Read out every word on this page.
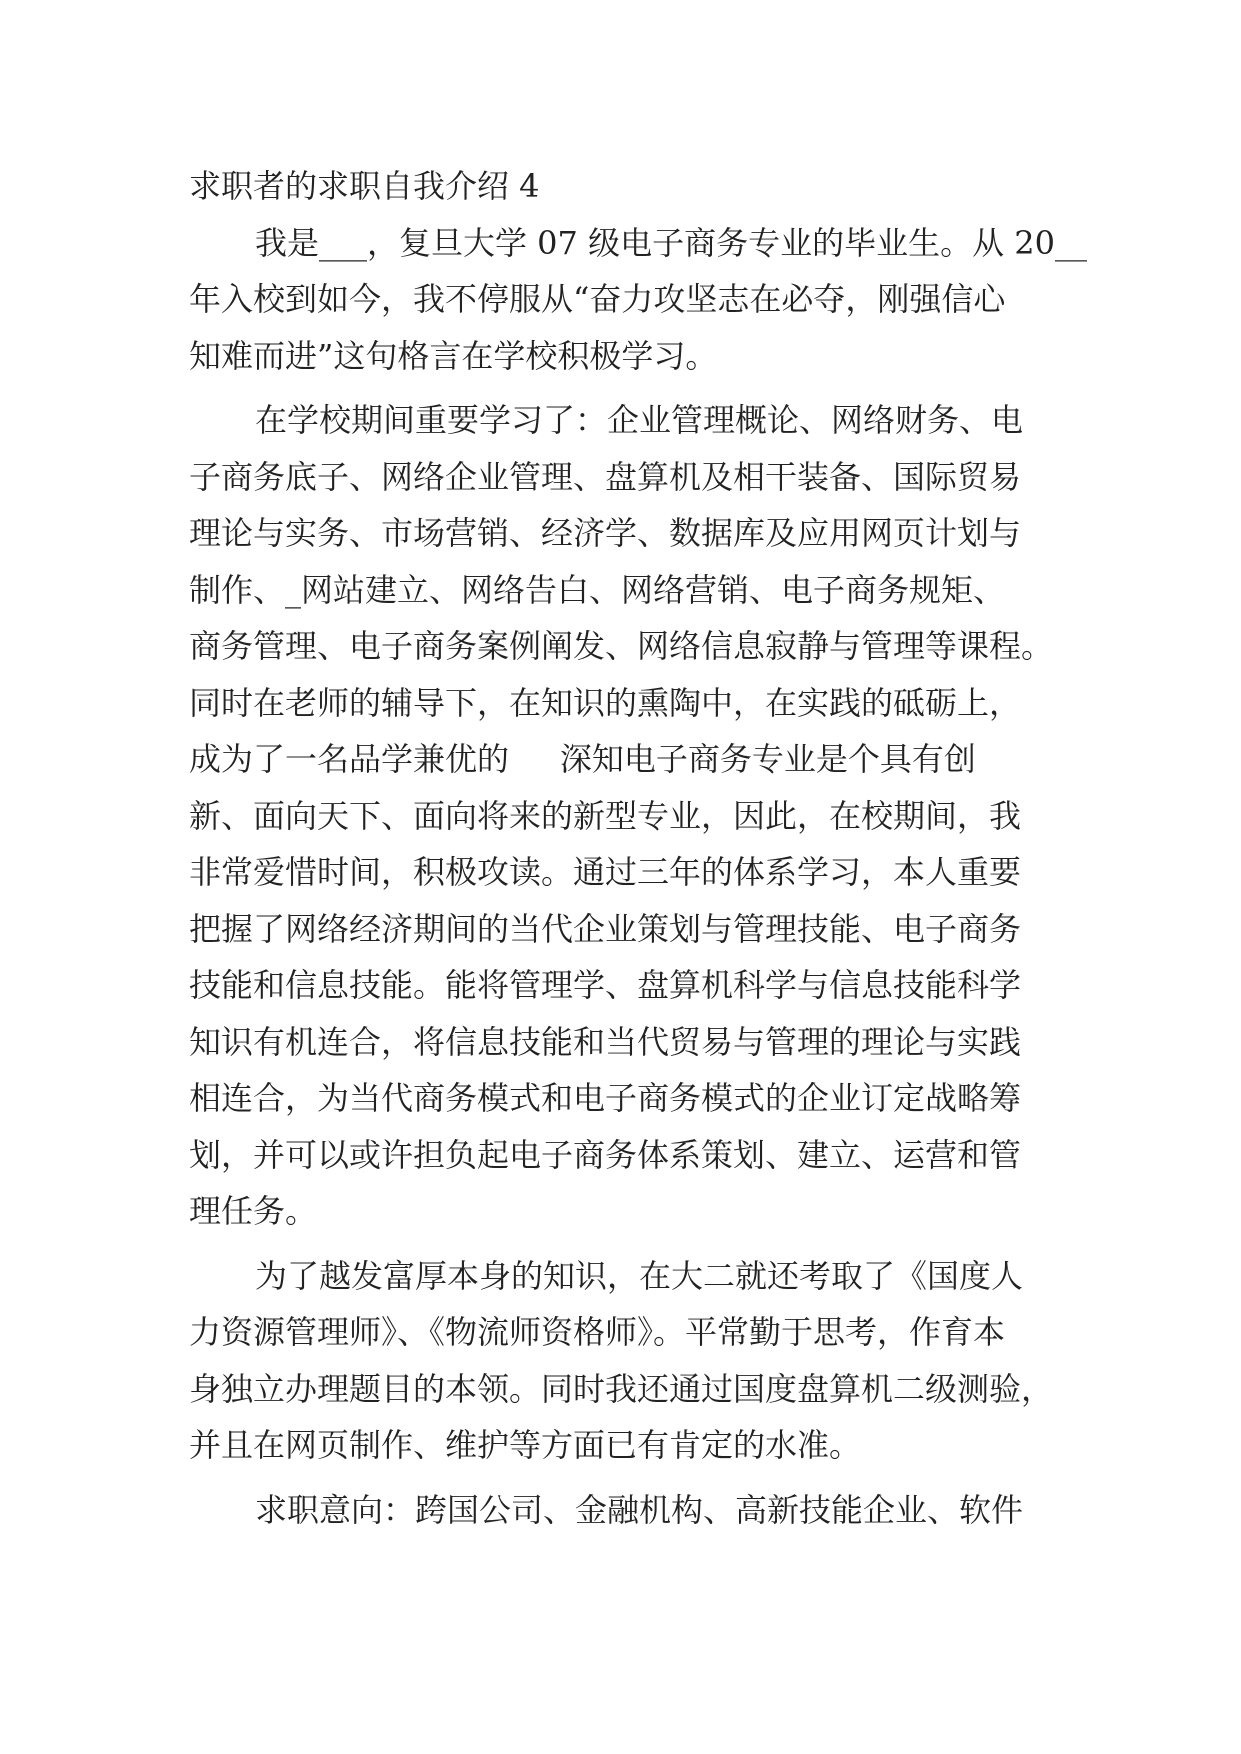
求职者的求职自我介绍 4
我是___，复旦大学 07 级电子商务专业的毕业生。从 20__
年入校到如今，我不停服从“奋力攻坚志在必夺，刚强信心
知难而进”这句格言在学校积极学习。
在学校期间重要学习了：企业管理概论、网络财务、电
子商务底子、网络企业管理、盘算机及相干装备、国际贸易
理论与实务、市场营销、经济学、数据库及应用网页计划与
制作、_网站建立、网络告白、网络营销、电子商务规矩、
商务管理、电子商务案例阐发、网络信息寂静与管理等课程。
同时在老师的辅导下，在知识的熏陶中，在实践的砥砺上，
成为了一名品学兼优的     深知电子商务专业是个具有创
新、面向天下、面向将来的新型专业，因此，在校期间，我
非常爱惜时间，积极攻读。通过三年的体系学习，本人重要
把握了网络经济期间的当代企业策划与管理技能、电子商务
技能和信息技能。能将管理学、盘算机科学与信息技能科学
知识有机连合，将信息技能和当代贸易与管理的理论与实践
相连合，为当代商务模式和电子商务模式的企业订定战略筹
划，并可以或许担负起电子商务体系策划、建立、运营和管
理任务。
为了越发富厚本身的知识，在大二就还考取了《国度人
力资源管理师》、《物流师资格师》。平常勤于思考，作育本
身独立办理题目的本领。同时我还通过国度盘算机二级测验，
并且在网页制作、维护等方面已有肯定的水准。
求职意向：跨国公司、金融机构、高新技能企业、软件
